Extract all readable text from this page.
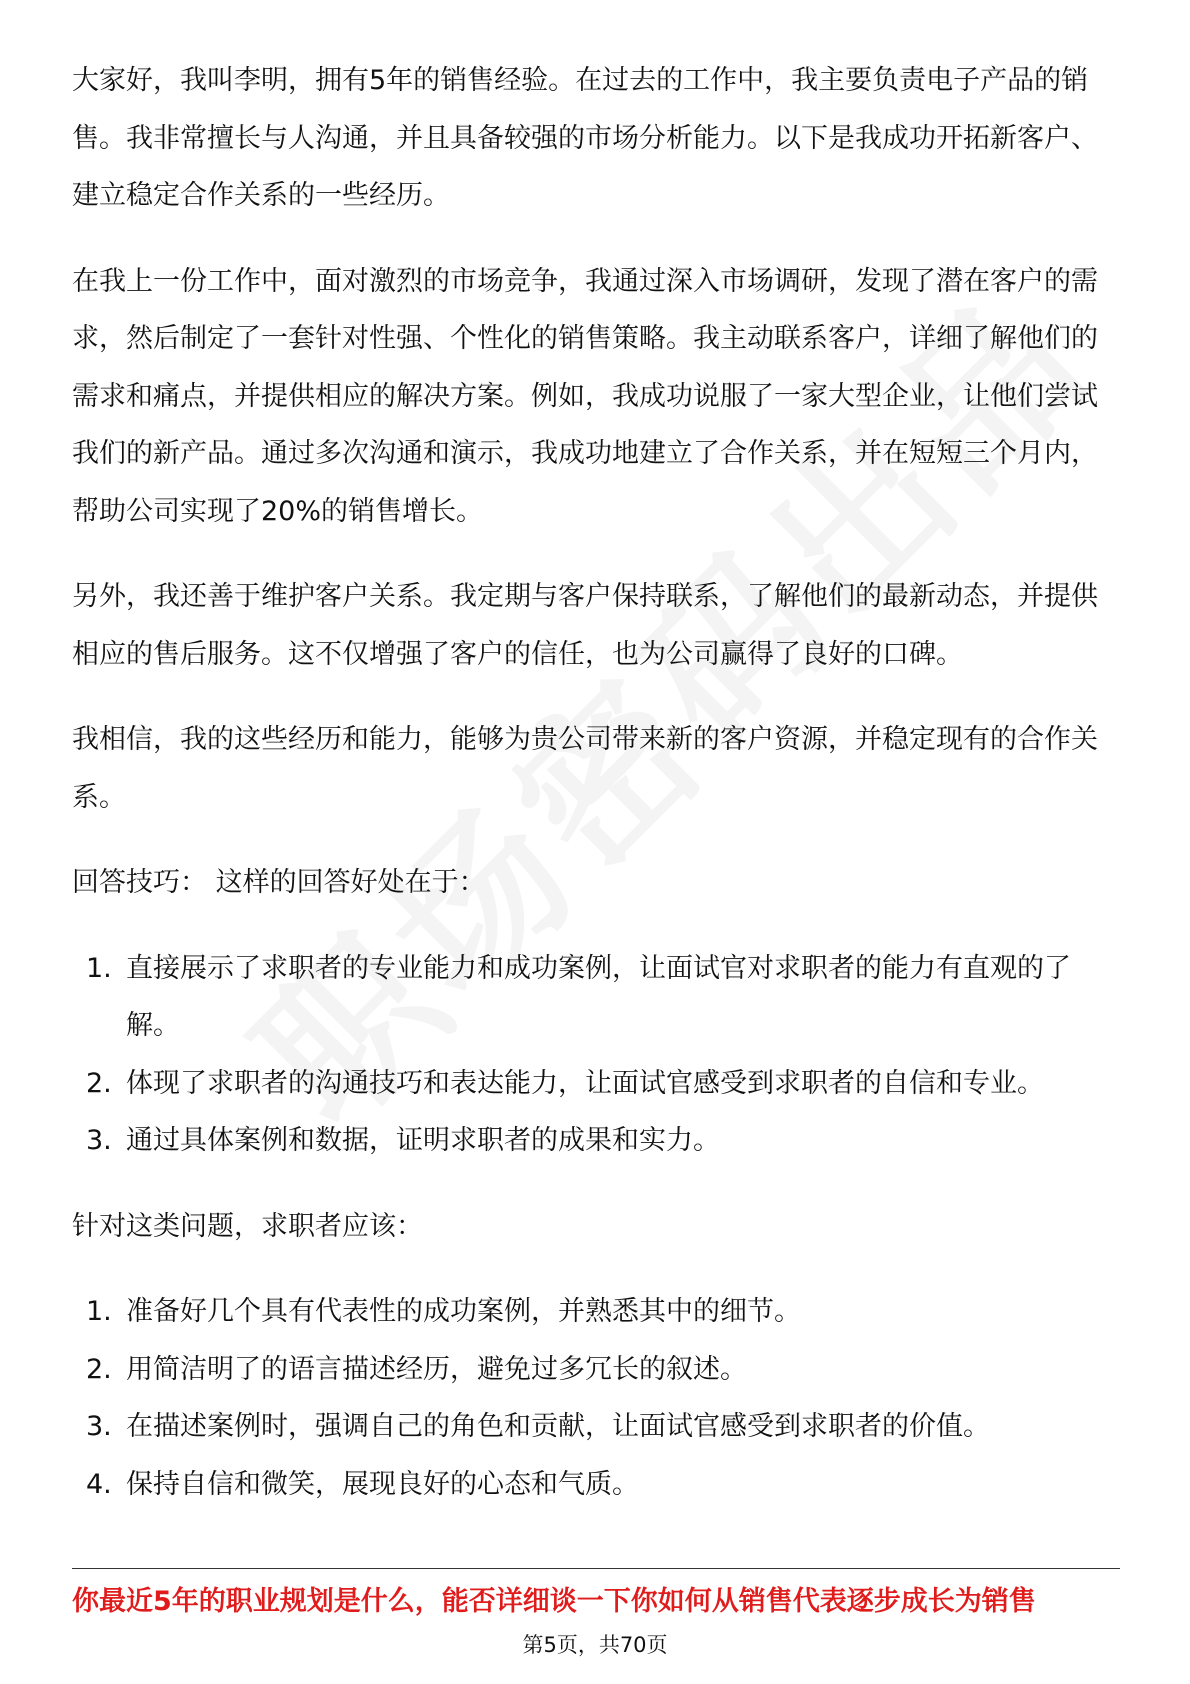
大家好，我叫李明，拥有5年的销售经验。在过去的工作中，我主要负责电子产品的销售。我非常擅长与人沟通，并且具备较强的市场分析能力。以下是我成功开拓新客户、建立稳定合作关系的一些经历。

在我上一份工作中，面对激烈的市场竞争，我通过深入市场调研，发现了潜在客户的需求，然后制定了一套针对性强、个性化的销售策略。我主动联系客户，详细了解他们的需求和痛点，并提供相应的解决方案。例如，我成功说服了一家大型企业，让他们尝试我们的新产品。通过多次沟通和演示，我成功地建立了合作关系，并在短短三个月内，帮助公司实现了20%的销售增长。

另外，我还善于维护客户关系。我定期与客户保持联系，了解他们的最新动态，并提供相应的售后服务。这不仅增强了客户的信任，也为公司赢得了良好的口碑。

我相信，我的这些经历和能力，能够为贵公司带来新的客户资源，并稳定现有的合作关系。

回答技巧： 这样的回答好处在于：

1. 直接展示了求职者的专业能力和成功案例，让面试官对求职者的能力有直观的了解。
2. 体现了求职者的沟通技巧和表达能力，让面试官感受到求职者的自信和专业。
3. 通过具体案例和数据，证明求职者的成果和实力。

针对这类问题，求职者应该：

1. 准备好几个具有代表性的成功案例，并熟悉其中的细节。
2. 用简洁明了的语言描述经历，避免过多冗长的叙述。
3. 在描述案例时，强调自己的角色和贡献，让面试官感受到求职者的价值。
4. 保持自信和微笑，展现良好的心态和气质。
你最近5年的职业规划是什么，能否详细谈一下你如何从销售代表逐步成长为销售
第5页，共70页
